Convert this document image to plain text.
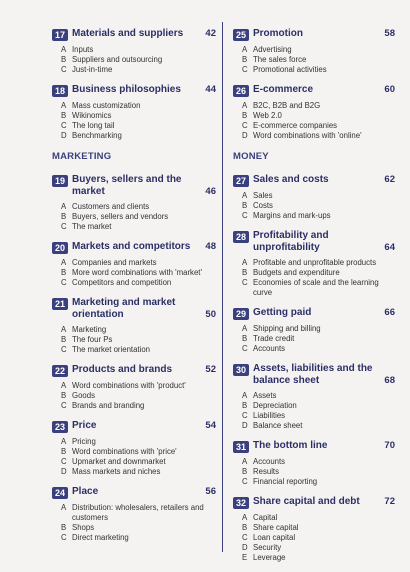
17 Materials and suppliers	42
A Inputs
B Suppliers and outsourcing
C Just-in-time
18 Business philosophies	44
A Mass customization
B Wikinomics
C The long tail
D Benchmarking
MARKETING
19 Buyers, sellers and the market	46
A Customers and clients
B Buyers, sellers and vendors
C The market
20 Markets and competitors	48
A Companies and markets
B More word combinations with 'market'
C Competitors and competition
21 Marketing and market orientation	50
A Marketing
B The four Ps
C The market orientation
22 Products and brands	52
A Word combinations with 'product'
B Goods
C Brands and branding
23 Price	54
A Pricing
B Word combinations with 'price'
C Upmarket and downmarket
D Mass markets and niches
24 Place	56
A Distribution: wholesalers, retailers and customers
B Shops
C Direct marketing
25 Promotion	58
A Advertising
B The sales force
C Promotional activities
26 E-commerce	60
A B2C, B2B and B2G
B Web 2.0
C E-commerce companies
D Word combinations with 'online'
MONEY
27 Sales and costs	62
A Sales
B Costs
C Margins and mark-ups
28 Profitability and unprofitability	64
A Profitable and unprofitable products
B Budgets and expenditure
C Economies of scale and the learning curve
29 Getting paid	66
A Shipping and billing
B Trade credit
C Accounts
30 Assets, liabilities and the balance sheet	68
A Assets
B Depreciation
C Liabilities
D Balance sheet
31 The bottom line	70
A Accounts
B Results
C Financial reporting
32 Share capital and debt	72
A Capital
B Share capital
C Loan capital
D Security
E Leverage
